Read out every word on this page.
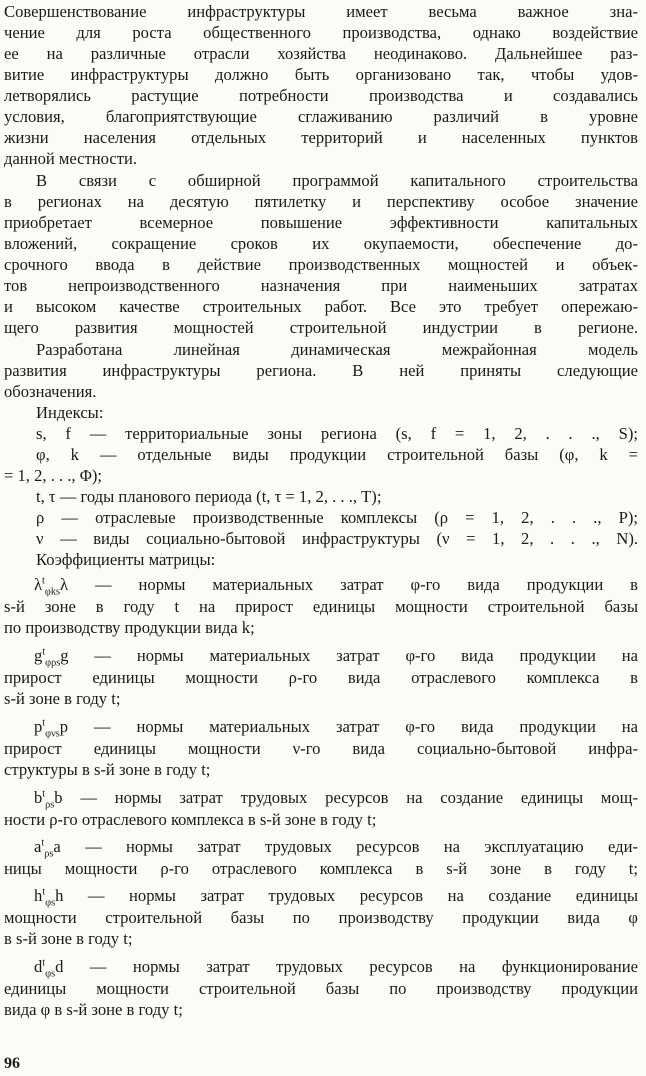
Совершенствование инфраструктуры имеет весьма важное зна-
чение для роста общественного производства, однако воздействие
ее на различные отрасли хозяйства неодинаково. Дальнейшее раз-
витие инфраструктуры должно быть организовано так, чтобы удов-
летворялись растущие потребности производства и создавались
условия, благоприятствующие сглаживанию различий в уровне
жизни населения отдельных территорий и населенных пунктов
данной местности.
В связи с обширной программой капитального строительства
в регионах на десятую пятилетку и перспективу особое значение
приобретает всемерное повышение эффективности капитальных
вложений, сокращение сроков их окупаемости, обеспечение до-
срочного ввода в действие производственных мощностей и объек-
тов непроизводственного назначения при наименьших затратах
и высоком качестве строительных работ. Все это требует опережаю-
щего развития мощностей строительной индустрии в регионе.
Разработана линейная динамическая межрайонная модель
развития инфраструктуры региона. В ней приняты следующие
обозначения.
Индексы:
s, f — территориальные зоны региона (s, f = 1, 2, . . ., S);
φ, k — отдельные виды продукции строительной базы (φ, k =
= 1, 2, . . ., Φ);
t, τ — годы планового периода (t, τ = 1, 2, . . ., T);
ρ — отраслевые производственные комплексы (ρ = 1, 2, . . ., P);
ν — виды социально-бытовой инфраструктуры (ν = 1, 2, . . ., N).
Коэффициенты матрицы:
$\lambda^t_{\varphi ks}\lambda$ — нормы материальных затрат φ-го вида продукции в
s-й зоне в году t на прирост единицы мощности строительной базы
по производству продукции вида k;
$g^t_{\varphi\rho s}g$ — нормы материальных затрат φ-го вида продукции на
прирост единицы мощности ρ-го вида отраслевого комплекса в
s-й зоне в году t;
$p^t_{\varphi\nu s}p$ — нормы материальных затрат φ-го вида продукции на
прирост единицы мощности ν-го вида социально-бытовой инфра-
структуры в s-й зоне в году t;
$b^t_{\rho s}b$ — нормы затрат трудовых ресурсов на создание единицы мощ-
ности ρ-го отраслевого комплекса в s-й зоне в году t;
$a^t_{\rho s}a$ — нормы затрат трудовых ресурсов на эксплуатацию еди-
ницы мощности ρ-го отраслевого комплекса в s-й зоне в году t;
$h^t_{\varphi s}h$ — нормы затрат трудовых ресурсов на создание единицы
мощности строительной базы по производству продукции вида φ
в s-й зоне в году t;
$d^t_{\varphi s}d$ — нормы затрат трудовых ресурсов на функционирование
единицы мощности строительной базы по производству продукции
вида φ в s-й зоне в году t;
96
